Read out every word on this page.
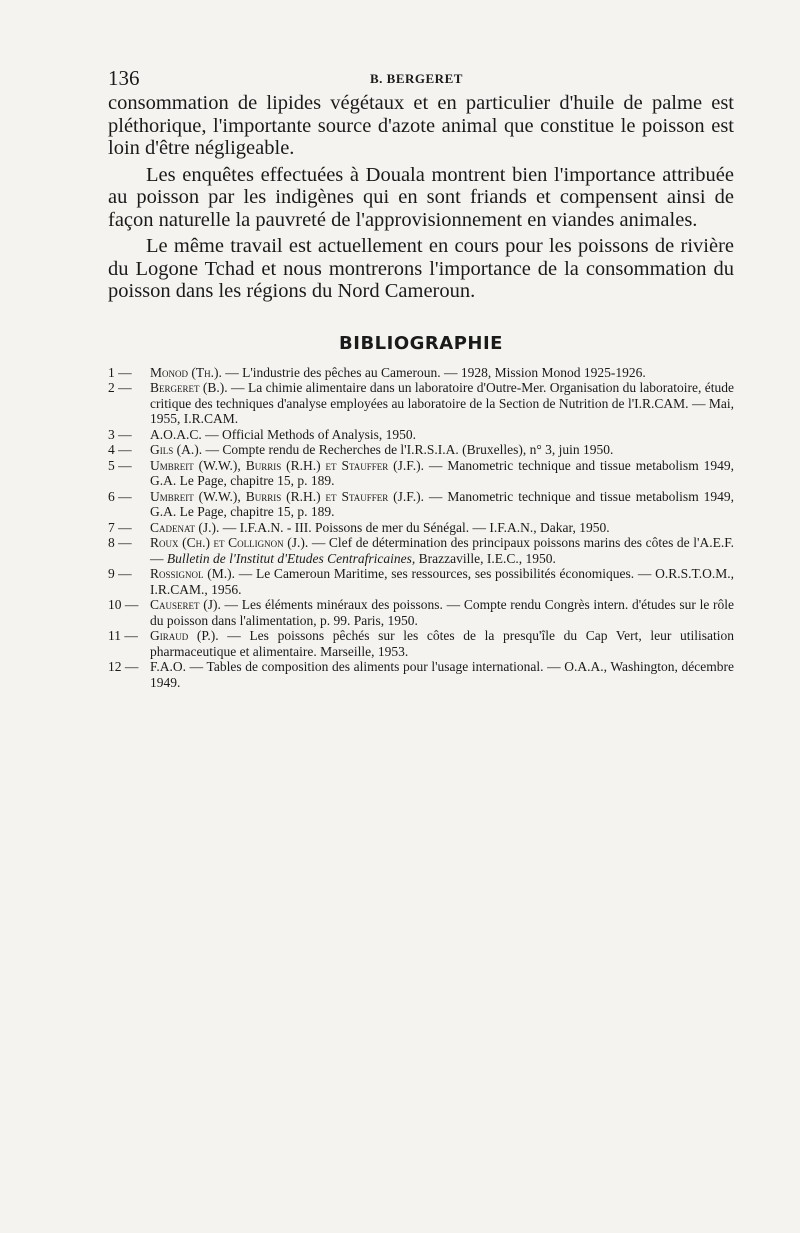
136	B. BERGERET

consommation de lipides végétaux et en particulier d'huile de palme est pléthorique, l'importante source d'azote animal que constitue le poisson est loin d'être négligeable.

Les enquêtes effectuées à Douala montrent bien l'importance attribuée au poisson par les indigènes qui en sont friands et compensent ainsi de façon naturelle la pauvreté de l'approvisionnement en viandes animales.

Le même travail est actuellement en cours pour les poissons de rivière du Logone Tchad et nous montrerons l'importance de la consommation du poisson dans les régions du Nord Cameroun.

BIBLIOGRAPHIE
1 — Monod (Th.). — L'industrie des pêches au Cameroun. — 1928, Mission Monod 1925-1926.
2 — Bergeret (B.). — La chimie alimentaire dans un laboratoire d'Outre-Mer. Organisation du laboratoire, étude critique des techniques d'analyse employées au laboratoire de la Section de Nutrition de l'I.R.CAM. — Mai, 1955, I.R.CAM.
3 — A.O.A.C. — Official Methods of Analysis, 1950.
4 — Gils (A.). — Compte rendu de Recherches de l'I.R.S.I.A. (Bruxelles), n° 3, juin 1950.
5 — Umbreit (W.W.), Burris (R.H.) et Stauffer (J.F.). — Manometric technique and tissue metabolism 1949, G.A. Le Page, chapitre 15, p. 189.
6 — Umbreit (W.W.), Burris (R.H.) et Stauffer (J.F.). — Manometric technique and tissue metabolism 1949, G.A. Le Page, chapitre 15, p. 189.
7 — Cadenat (J.). — I.F.A.N. - III. Poissons de mer du Sénégal. — I.F.A.N., Dakar, 1950.
8 — Roux (Ch.) et Collignon (J.). — Clef de détermination des principaux poissons marins des côtes de l'A.E.F. — Bulletin de l'Institut d'Etudes Centrafricaines, Brazzaville, I.E.C., 1950.
9 — Rossignol (M.). — Le Cameroun Maritime, ses ressources, ses possibilités économiques. — O.R.S.T.O.M., I.R.CAM., 1956.
10 — Causeret (J). — Les éléments minéraux des poissons. — Compte rendu Congrès intern. d'études sur le rôle du poisson dans l'alimentation, p. 99. Paris, 1950.
11 — Giraud (P.). — Les poissons pêchés sur les côtes de la presqu'île du Cap Vert, leur utilisation pharmaceutique et alimentaire. Marseille, 1953.
12 — F.A.O. — Tables de composition des aliments pour l'usage international. — O.A.A., Washington, décembre 1949.
